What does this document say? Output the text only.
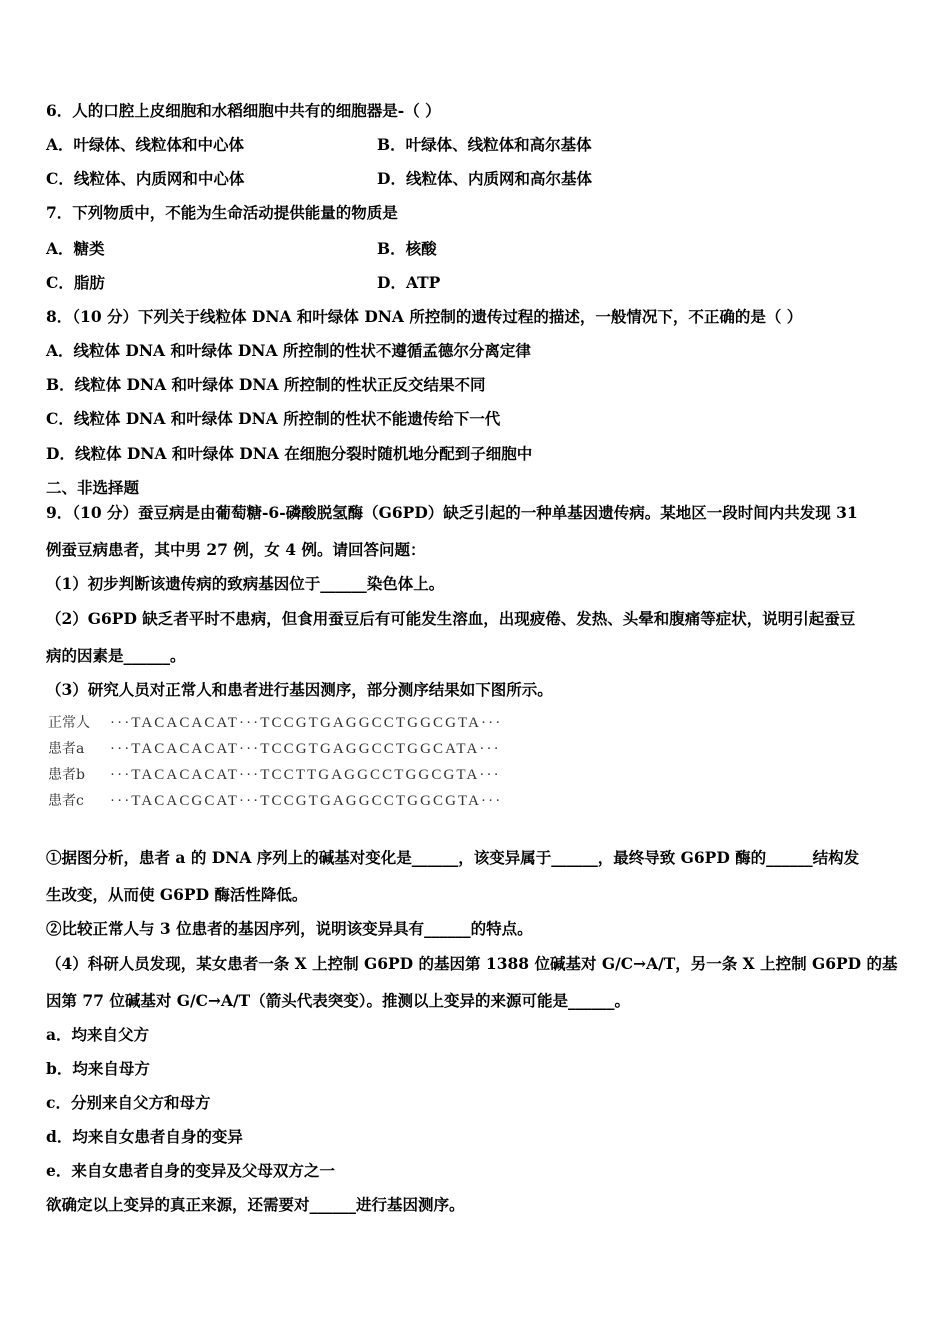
6．人的口腔上皮细胞和水稻细胞中共有的细胞器是-（ ）
A．叶绿体、线粒体和中心体	B．叶绿体、线粒体和高尔基体
C．线粒体、内质网和中心体	D．线粒体、内质网和高尔基体
7．下列物质中，不能为生命活动提供能量的物质是
A．糖类	B．核酸
C．脂肪	D．ATP
8．（10 分）下列关于线粒体 DNA 和叶绿体 DNA 所控制的遗传过程的描述，一般情况下，不正确的是（ ）
A．线粒体 DNA 和叶绿体 DNA 所控制的性状不遵循孟德尔分离定律
B．线粒体 DNA 和叶绿体 DNA 所控制的性状正反交结果不同
C．线粒体 DNA 和叶绿体 DNA 所控制的性状不能遗传给下一代
D．线粒体 DNA 和叶绿体 DNA 在细胞分裂时随机地分配到子细胞中
二、非选择题
9．（10 分）蚕豆病是由葡萄糖-6-磷酸脱氢酶（G6PD）缺乏引起的一种单基因遗传病。某地区一段时间内共发现 31
例蚕豆病患者，其中男 27 例，女 4 例。请回答问题：
（1）初步判断该遗传病的致病基因位于______染色体上。
（2）G6PD 缺乏者平时不患病，但食用蚕豆后有可能发生溶血，出现疲倦、发热、头晕和腹痛等症状，说明引起蚕豆
病的因素是______。
（3）研究人员对正常人和患者进行基因测序，部分测序结果如下图所示。
正常人 ···TACACACAT···TCCGTGAGGCCTGGCGTA···
患者a ···TACACACAT···TCCGTGAGGCCTGGCATA···
患者b ···TACACACAT···TCCTTGAGGCCTGGCGTA···
患者c ···TACACGCAT···TCCGTGAGGCCTGGCGTA···
①据图分析，患者 a 的 DNA 序列上的碱基对变化是______，该变异属于______，最终导致 G6PD 酶的______结构发
生改变，从而使 G6PD 酶活性降低。
②比较正常人与 3 位患者的基因序列，说明该变异具有______的特点。
（4）科研人员发现，某女患者一条 X 上控制 G6PD 的基因第 1388 位碱基对 G/C→A/T，另一条 X 上控制 G6PD 的基
因第 77 位碱基对 G/C→A/T（箭头代表突变）。推测以上变异的来源可能是______。
a．均来自父方
b．均来自母方
c．分别来自父方和母方
d．均来自女患者自身的变异
e．来自女患者自身的变异及父母双方之一
欲确定以上变异的真正来源，还需要对______进行基因测序。
